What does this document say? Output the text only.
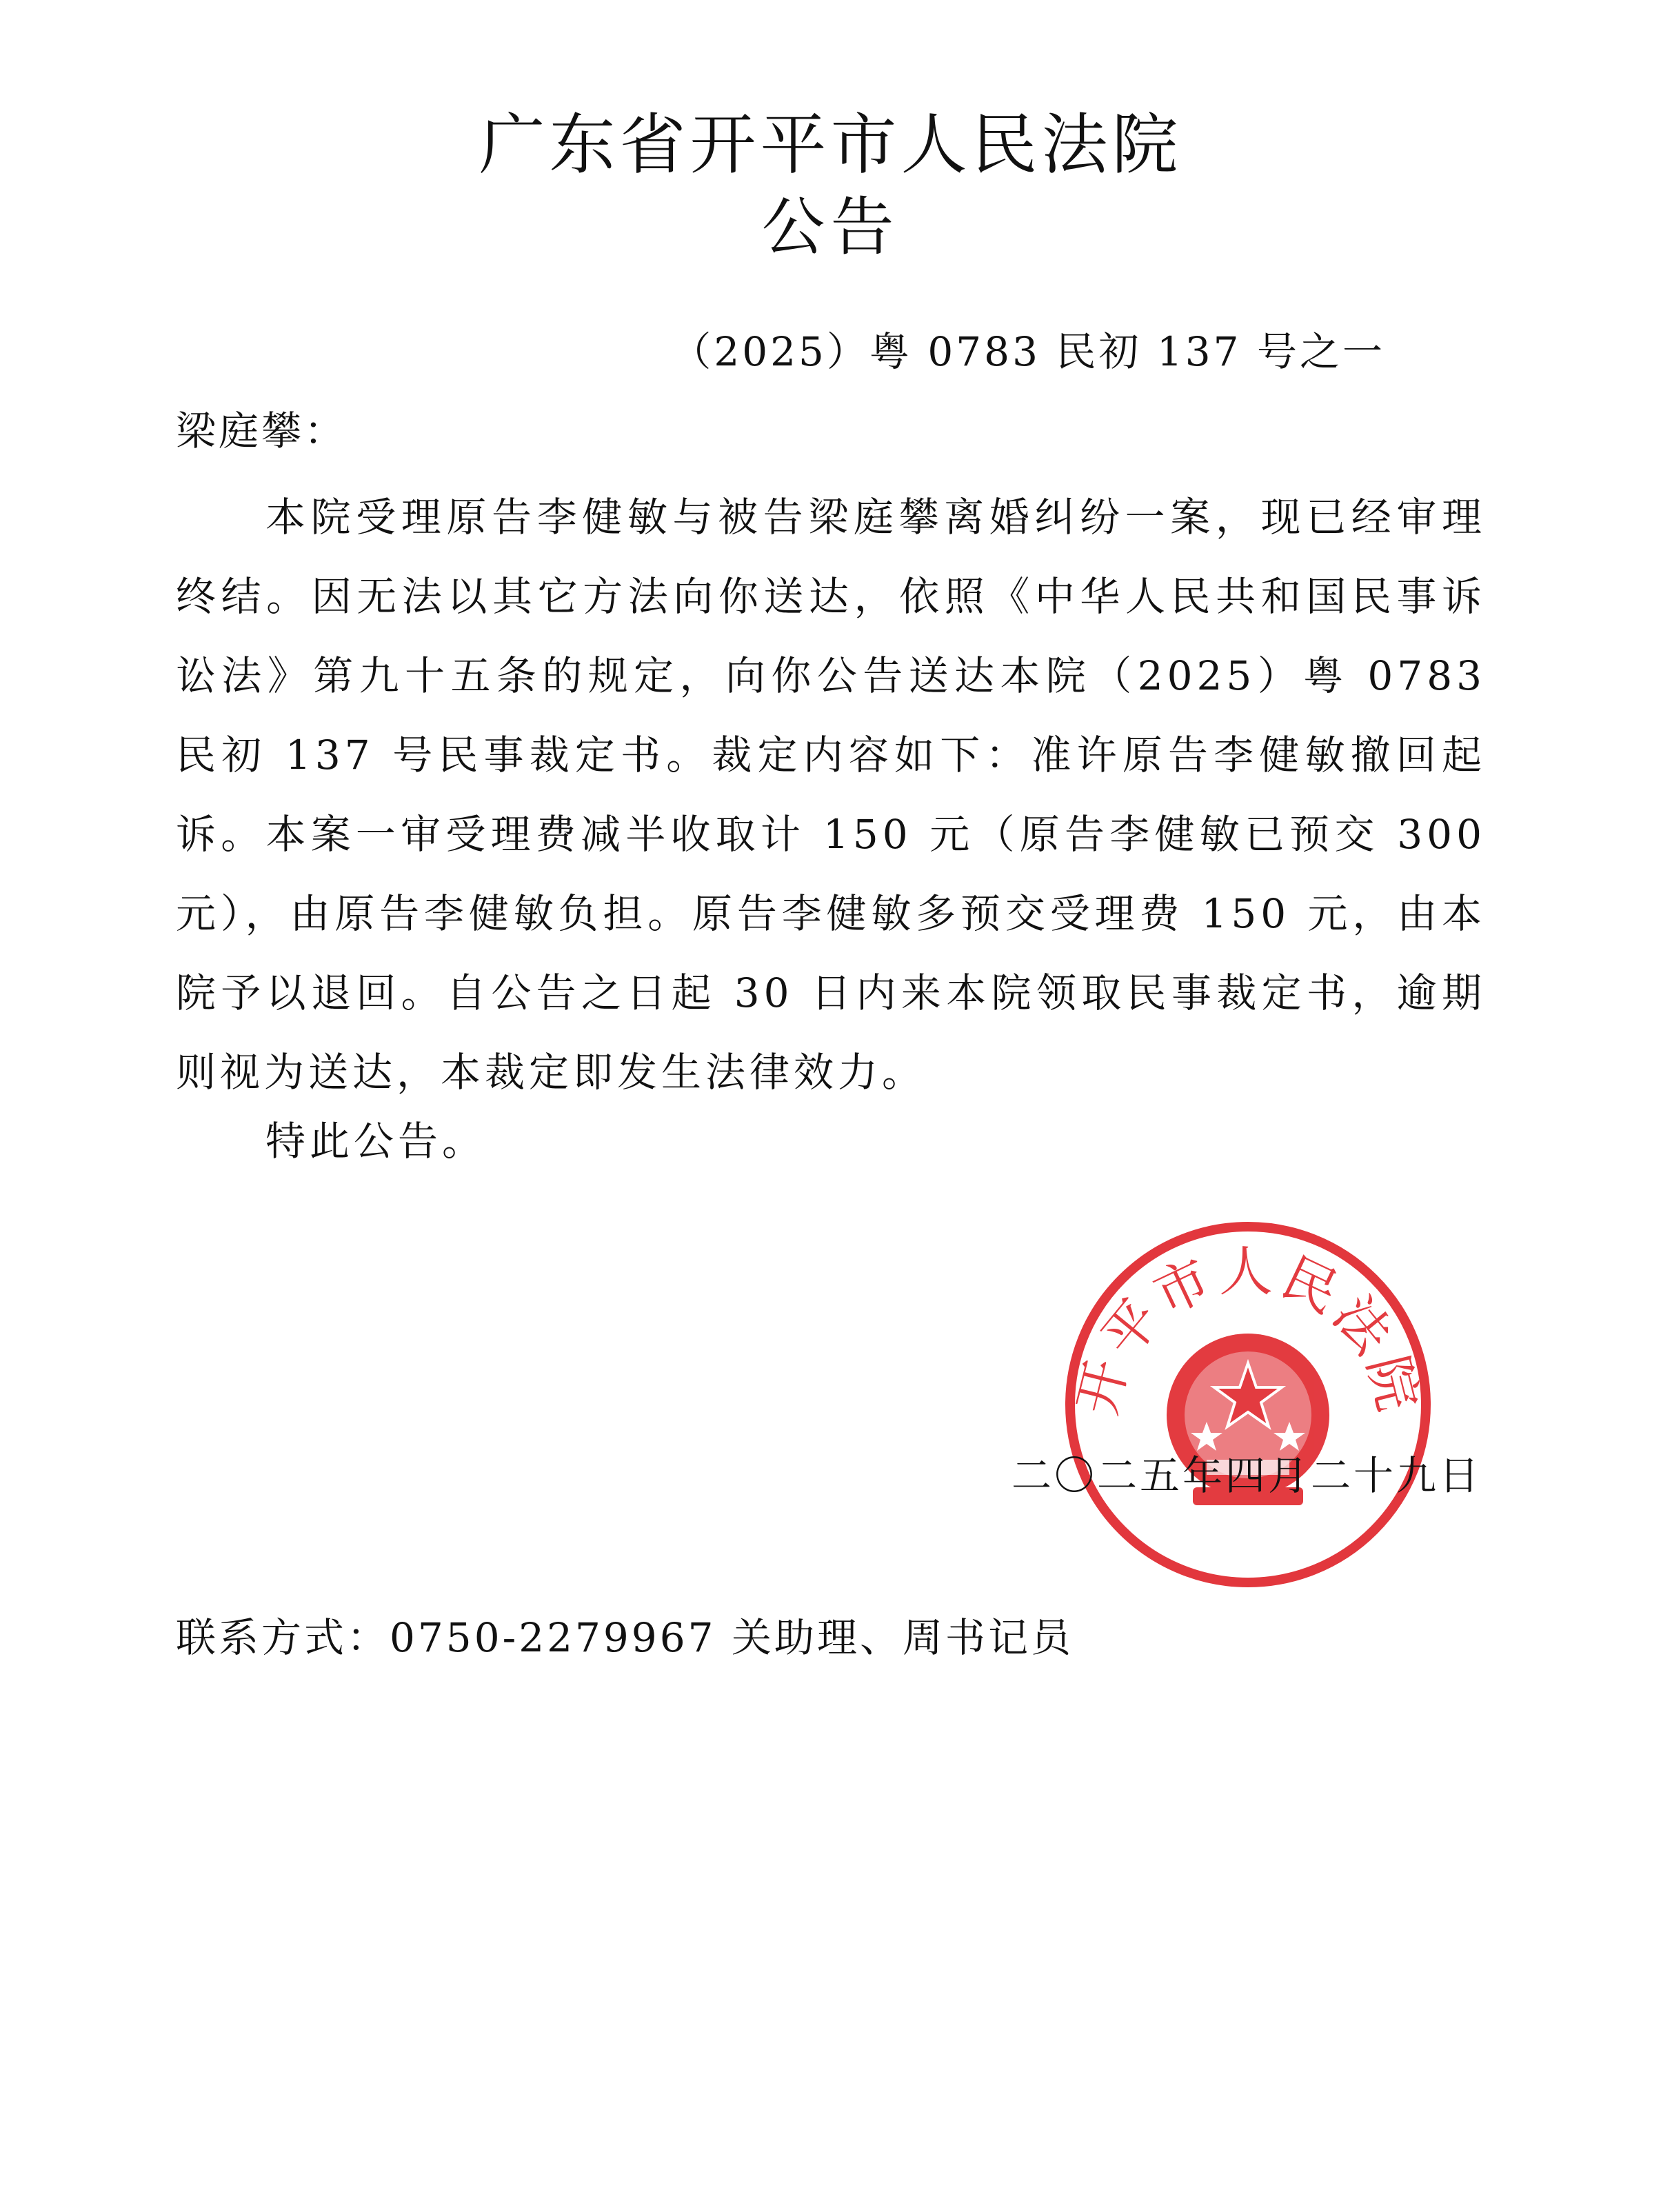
广东省开平市人民法院
公告
（2025）粤 0783 民初 137 号之一
梁庭攀：
本院受理原告李健敏与被告梁庭攀离婚纠纷一案，现已经审理终结。因无法以其它方法向你送达，依照《中华人民共和国民事诉讼法》第九十五条的规定，向你公告送达本院（2025）粤 0783 民初 137 号民事裁定书。裁定内容如下：准许原告李健敏撤回起诉。本案一审受理费减半收取计 150 元（原告李健敏已预交 300 元），由原告李健敏负担。原告李健敏多预交受理费 150 元，由本院予以退回。自公告之日起 30 日内来本院领取民事裁定书，逾期则视为送达，本裁定即发生法律效力。
特此公告。
开平市人民法院
二〇二五年四月二十九日
联系方式：0750-2279967 关助理、周书记员
